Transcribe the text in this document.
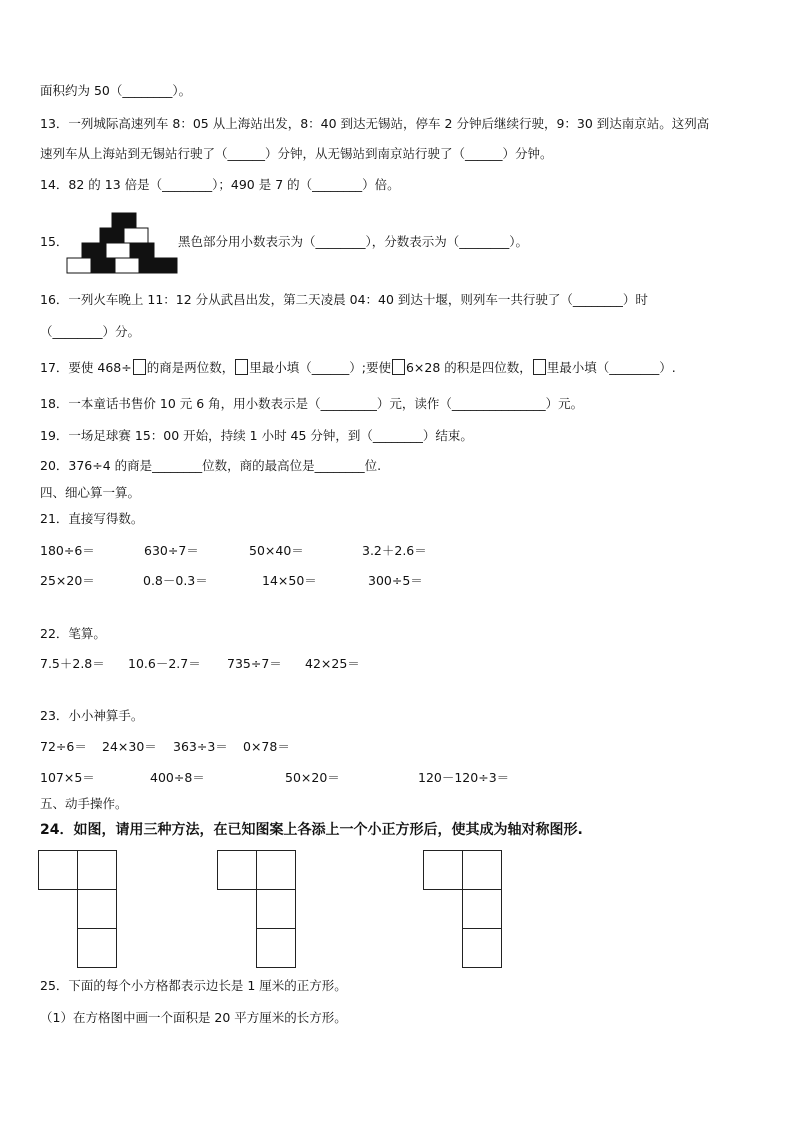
面积约为 50（________）。
13．一列城际高速列车 8：05 从上海站出发，8：40 到达无锡站，停车 2 分钟后继续行驶，9：30 到达南京站。这列高
速列车从上海站到无锡站行驶了（______）分钟，从无锡站到南京站行驶了（______）分钟。
14．82 的 13 倍是（________）；490 是 7 的（________）倍。
15．	黑色部分用小数表示为（________），分数表示为（________）。
16．一列火车晚上 11：12 分从武昌出发，第二天凌晨 04：40 到达十堰，则列车一共行驶了（________）时
（________）分。
17．要使 468÷ 的商是两位数， 里最小填（______）;要使 6×28 的积是四位数， 里最小填（________）.
18．一本童话书售价 10 元 6 角，用小数表示是（_________）元，读作（_______________）元。
19．一场足球赛 15：00 开始，持续 1 小时 45 分钟，到（________）结束。
20．376÷4 的商是________位数，商的最高位是________位.
四、细心算一算。
21．直接写得数。
180÷6＝	630÷7＝	50×40＝	3.2＋2.6＝
25×20＝	0.8－0.3＝	14×50＝	300÷5＝
22．笔算。
7.5＋2.8＝ 10.6－2.7＝ 735÷7＝ 42×25＝
23．小小神算手。
72÷6＝ 24×30＝ 363÷3＝ 0×78＝
107×5＝	400÷8＝	50×20＝	120－120÷3＝
五、动手操作。
24．如图，请用三种方法，在已知图案上各添上一个小正方形后，使其成为轴对称图形.
25．下面的每个小方格都表示边长是 1 厘米的正方形。
（1）在方格图中画一个面积是 20 平方厘米的长方形。
